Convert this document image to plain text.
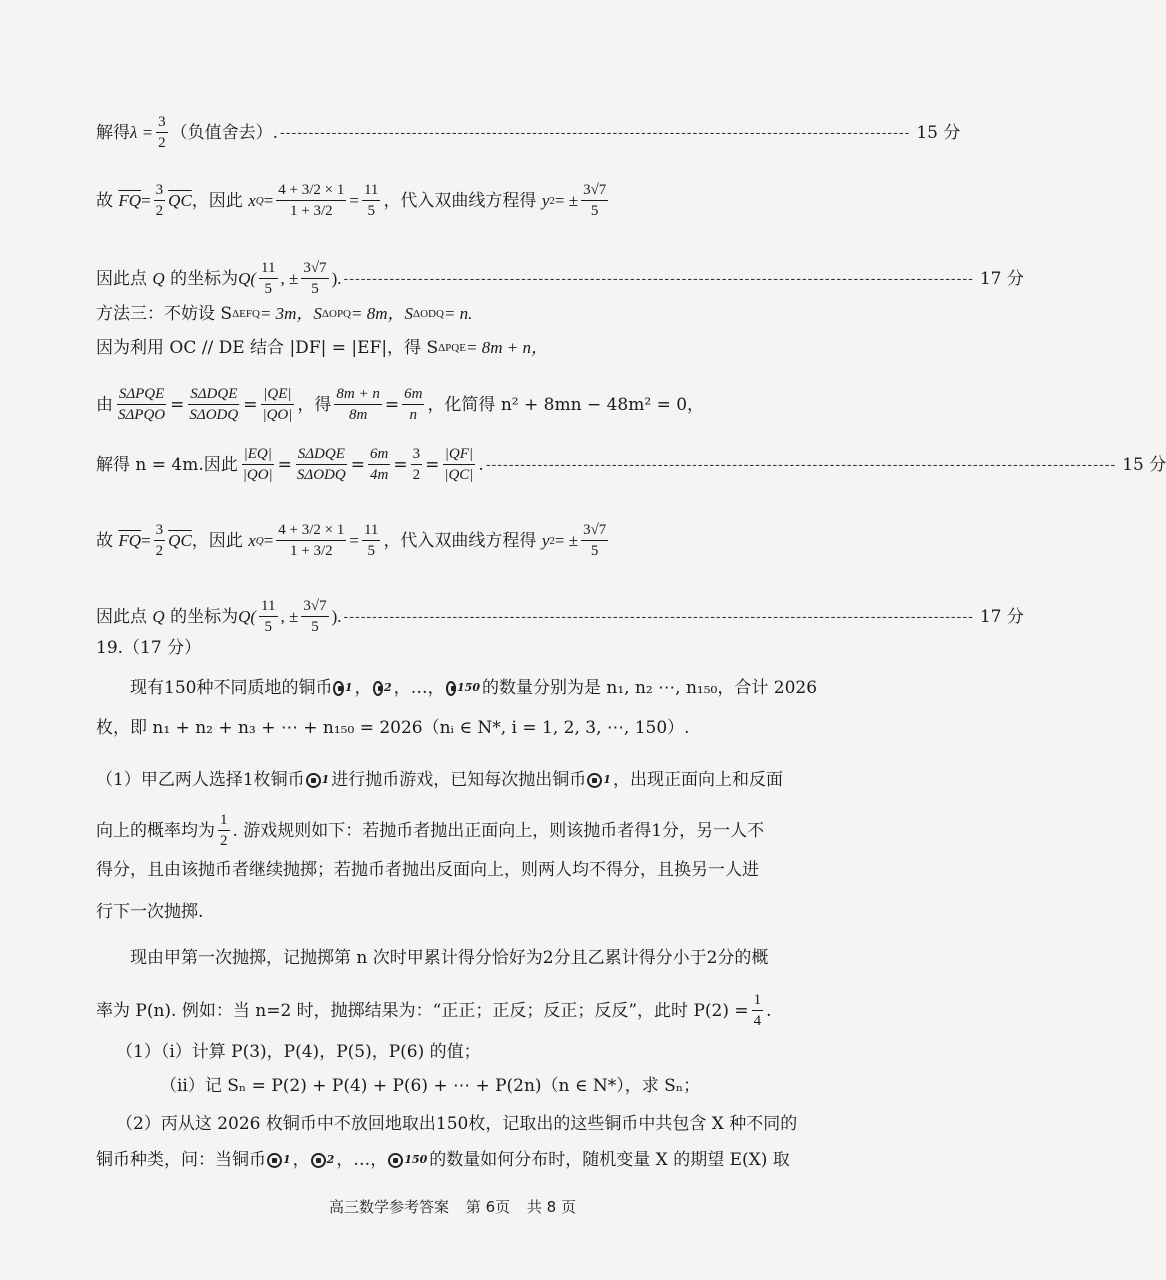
解得 $\lambda = \frac{3}{2}$ （负值舍去）. -------------------------------------------------------------------------------------------------------------- 15 分
故
$\overline{FQ} = \frac{3}{2} \overline{QC}$ ，因此
x $Q = \frac{4 + 3/2 \times 1}{1 + 3/2} = \frac{11}{5}$ ，代入双曲线方程得
y 2 = ± $\frac{3√7}{5}$
因此点
Q
的坐标为 $Q( \frac{11}{5}$ , ± $\frac{3√7}{5}$ ). -------------------------------------------------------------------------------------------------------------- 17 分
方法三：不妨设 S ΔEFQ = 3m，S ΔOPQ = 8m，S ΔODQ = n.
因为利用 OC // DE 结合 |DF| = |EF|，得 S ΔPQE = 8m + n，
由 $\frac{\text{SΔPQE}}{\text{SΔPQO}} = \frac{\text{SΔDQE}}{\text{SΔODQ}} = \frac{|QE|}{|QO|}$ ，得 $\frac{8m + n}{8m} = \frac{6m}{n}$ ，化简得 n² + 8mn − 48m² = 0，
解得 n = 4m.因此 $\frac{|EQ|}{|QO|} = \frac{\text{SΔDQE}}{\text{SΔODQ}} = \frac{6m}{4m} = \frac{3}{2} = \frac{|QF|}{|QC|}$ . -------------------------------------------------------------------------------------------------------------- 15 分
故
$\overline{FQ} = \frac{3}{2} \overline{QC}$ ，因此
x $Q = \frac{4 + 3/2 \times 1}{1 + 3/2} = \frac{11}{5}$ ，代入双曲线方程得
y 2 = ± $\frac{3√7}{5}$
因此点
Q
的坐标为 $Q( \frac{11}{5}$ , ± $\frac{3√7}{5}$ ). -------------------------------------------------------------------------------------------------------------- 17 分
19.（17 分）
现有150种不同质地的铜币 1 ， 2 ，…， 150 的数量分别为是 n₁, n₂ ⋯, n₁₅₀，合计 2026
枚，即 n₁ + n₂ + n₃ + ⋯ + n₁₅₀ = 2026（nᵢ ∈ N*, i = 1, 2, 3, ⋯, 150）.
（1）甲乙两人选择1枚铜币 1 进行抛币游戏，已知每次抛出铜币 1 ，出现正面向上和反面
向上的概率均为 $\frac{1}{2}$ . 游戏规则如下：若抛币者抛出正面向上，则该抛币者得1分，另一人不
得分，且由该抛币者继续抛掷；若抛币者抛出反面向上，则两人均不得分，且换另一人进
行下一次抛掷.
现由甲第一次抛掷，记抛掷第 n 次时甲累计得分恰好为2分且乙累计得分小于2分的概
率为 P(n). 例如：当 n=2 时，抛掷结果为：“正正；正反；反正；反反”，此时 $P(2) = \frac{1}{4}$ .
（1）（i）计算 P(3)，P(4)，P(5)，P(6) 的值；
（ii）记 Sₙ = P(2) + P(4) + P(6) + ⋯ + P(2n)（n ∈ N*），求 Sₙ；
（2）丙从这 2026 枚铜币中不放回地取出150枚，记取出的这些铜币中共包含 X 种不同的
铜币种类，问：当铜币 1 ， 2 ，…， 150 的数量如何分布时，随机变量 X 的期望 E(X) 取
高三数学参考答案 第 6页 共 8 页
